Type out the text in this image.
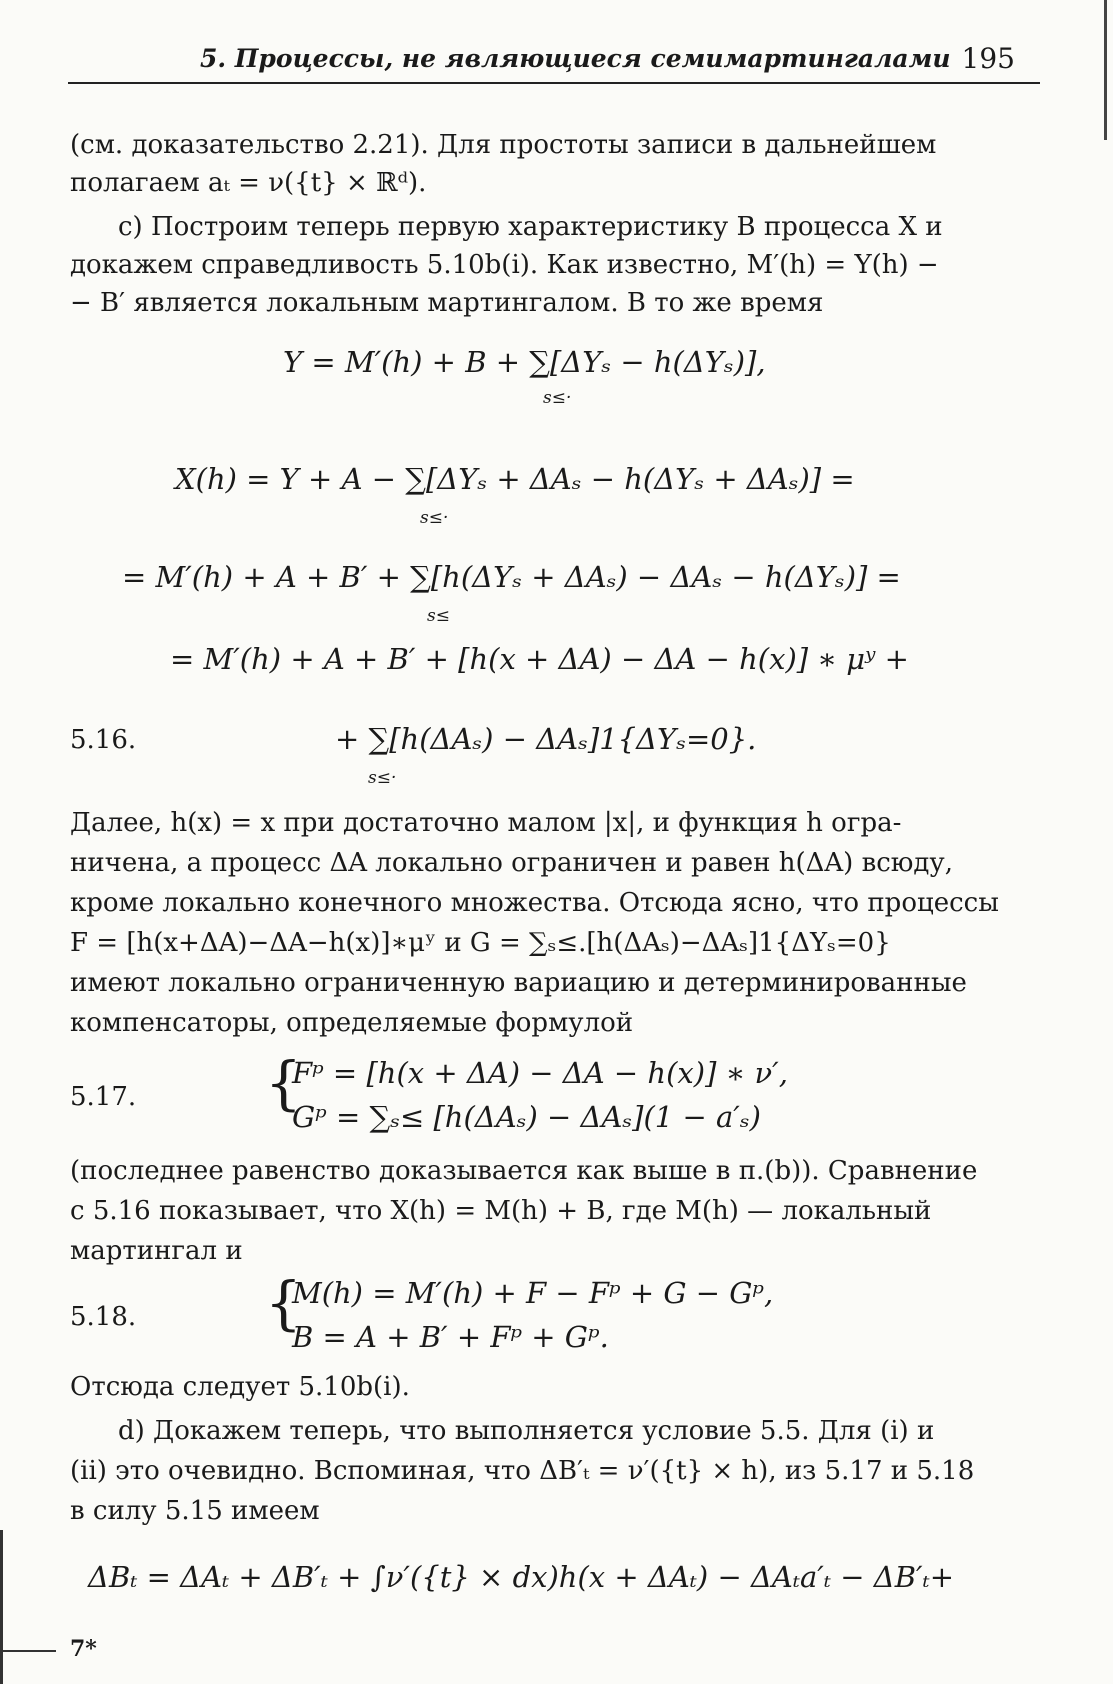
5. Процессы, не являющиеся семимартингалами 195
(см. доказательство 2.21). Для простоты записи в дальнейшем
полагаем aₜ = ν({t} × ℝᵈ).
c) Построим теперь первую характеристику B процесса X и
докажем справедливость 5.10b(i). Как известно, M′(h) = Y(h) −
− B′ является локальным мартингалом. В то же время
Y = M′(h) + B + ∑[ΔYₛ − h(ΔYₛ)],
s≤·
X(h) = Y + A − ∑[ΔYₛ + ΔAₛ − h(ΔYₛ + ΔAₛ)] =
s≤·
= M′(h) + A + B′ + ∑[h(ΔYₛ + ΔAₛ) − ΔAₛ − h(ΔYₛ)] =
s≤
= M′(h) + A + B′ + [h(x + ΔA) − ΔA − h(x)] ∗ μʸ +
5.16.	+ ∑[h(ΔAₛ) − ΔAₛ]1{ΔYₛ=0}.
s≤·
Далее, h(x) = x при достаточно малом |x|, и функция h огра-
ничена, а процесс ΔA локально ограничен и равен h(ΔA) всюду,
кроме локально конечного множества. Отсюда ясно, что процессы
F = [h(x+ΔA)−ΔA−h(x)]∗μʸ и G = ∑ₛ≤.[h(ΔAₛ)−ΔAₛ]1{ΔYₛ=0}
имеют локально ограниченную вариацию и детерминированные
компенсаторы, определяемые формулой
5.17. {
Fᵖ = [h(x + ΔA) − ΔA − h(x)] ∗ ν′,
Gᵖ = ∑ₛ≤ [h(ΔAₛ) − ΔAₛ](1 − a′ₛ)
(последнее равенство доказывается как выше в п.(b)). Сравнение
с 5.16 показывает, что X(h) = M(h) + B, где M(h) — локальный
мартингал и
5.18. {
M(h) = M′(h) + F − Fᵖ + G − Gᵖ,
B = A + B′ + Fᵖ + Gᵖ.
Отсюда следует 5.10b(i).
d) Докажем теперь, что выполняется условие 5.5. Для (i) и
(ii) это очевидно. Вспоминая, что ΔB′ₜ = ν′({t} × h), из 5.17 и 5.18
в силу 5.15 имеем
ΔBₜ = ΔAₜ + ΔB′ₜ + ∫ν′({t} × dx)h(x + ΔAₜ) − ΔAₜa′ₜ − ΔB′ₜ+
7*
